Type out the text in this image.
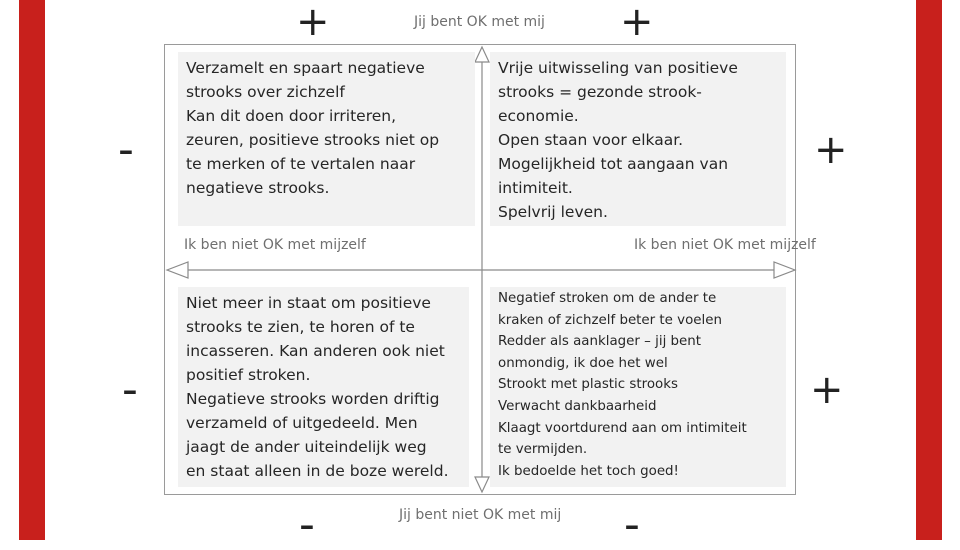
Verzamelt en spaart negatieve
strooks over zichzelf
Kan dit doen door irriteren,
zeuren, positieve strooks niet op
te merken of te vertalen naar
negatieve strooks.
Vrije uitwisseling van positieve
strooks = gezonde strook-
economie.
Open staan voor elkaar.
Mogelijkheid tot aangaan van
intimiteit.
Spelvrij leven.
Niet meer in staat om positieve
strooks te zien, te horen of te
incasseren. Kan anderen ook niet
positief stroken.
Negatieve strooks worden driftig
verzameld of uitgedeeld. Men
jaagt de ander uiteindelijk weg
en staat alleen in de boze wereld.
Negatief stroken om de ander te
kraken of zichzelf beter te voelen
Redder als aanklager – jij bent
onmondig, ik doe het wel
Strookt met plastic strooks
Verwacht dankbaarheid
Klaagt voortdurend aan om intimiteit
te vermijden.
Ik bedoelde het toch goed!
Jij bent OK met mij
Jij bent niet OK met mij
Ik ben niet OK met mijzelf	Ik ben niet OK met mijzelf
+	+
-
-
+
+
-	-
